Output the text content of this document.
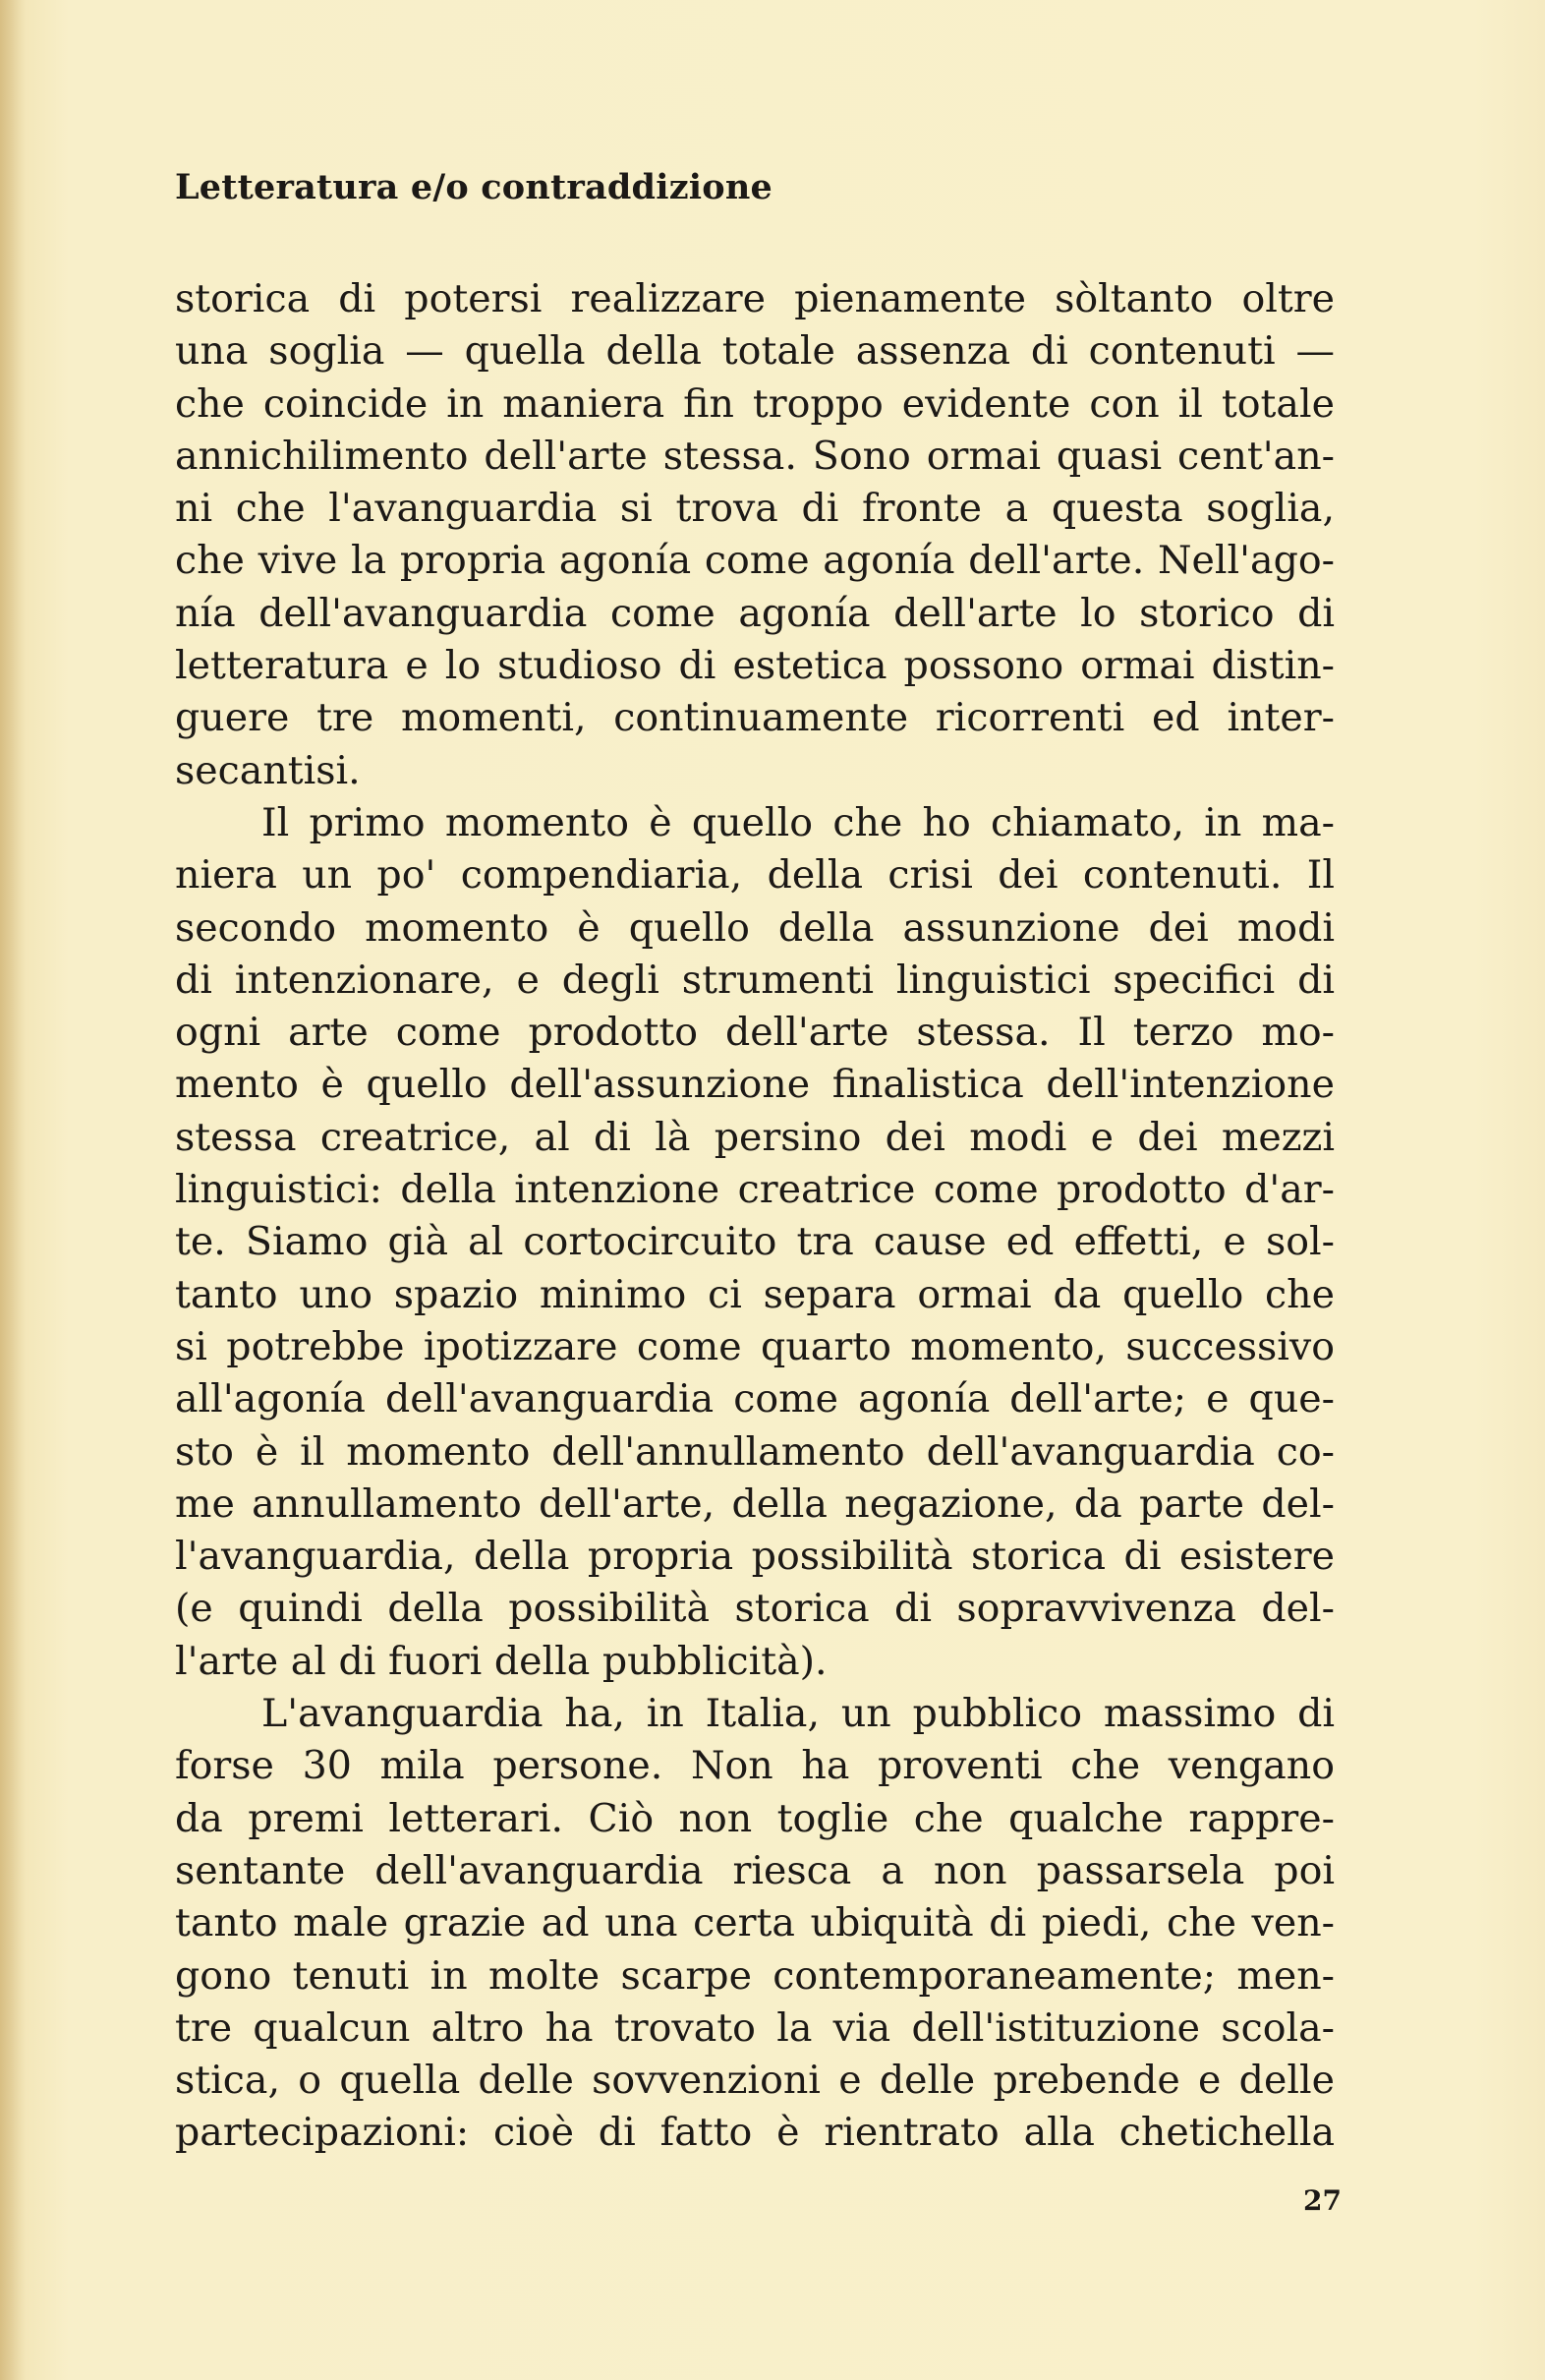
Letteratura e/o contraddizione
storica di potersi realizzare pienamente sòltanto oltre
una soglia — quella della totale assenza di contenuti —
che coincide in maniera fin troppo evidente con il totale
annichilimento dell'arte stessa. Sono ormai quasi cent'an-
ni che l'avanguardia si trova di fronte a questa soglia,
che vive la propria agonía come agonía dell'arte. Nell'ago-
nía dell'avanguardia come agonía dell'arte lo storico di
letteratura e lo studioso di estetica possono ormai distin-
guere tre momenti, continuamente ricorrenti ed inter-
secantisi.
Il primo momento è quello che ho chiamato, in ma-
niera un po' compendiaria, della crisi dei contenuti. Il
secondo momento è quello della assunzione dei modi
di intenzionare, e degli strumenti linguistici specifici di
ogni arte come prodotto dell'arte stessa. Il terzo mo-
mento è quello dell'assunzione finalistica dell'intenzione
stessa creatrice, al di là persino dei modi e dei mezzi
linguistici: della intenzione creatrice come prodotto d'ar-
te. Siamo già al cortocircuito tra cause ed effetti, e sol-
tanto uno spazio minimo ci separa ormai da quello che
si potrebbe ipotizzare come quarto momento, successivo
all'agonía dell'avanguardia come agonía dell'arte; e que-
sto è il momento dell'annullamento dell'avanguardia co-
me annullamento dell'arte, della negazione, da parte del-
l'avanguardia, della propria possibilità storica di esistere
(e quindi della possibilità storica di sopravvivenza del-
l'arte al di fuori della pubblicità).
L'avanguardia ha, in Italia, un pubblico massimo di
forse 30 mila persone. Non ha proventi che vengano
da premi letterari. Ciò non toglie che qualche rappre-
sentante dell'avanguardia riesca a non passarsela poi
tanto male grazie ad una certa ubiquità di piedi, che ven-
gono tenuti in molte scarpe contemporaneamente; men-
tre qualcun altro ha trovato la via dell'istituzione scola-
stica, o quella delle sovvenzioni e delle prebende e delle
partecipazioni: cioè di fatto è rientrato alla chetichella

27
